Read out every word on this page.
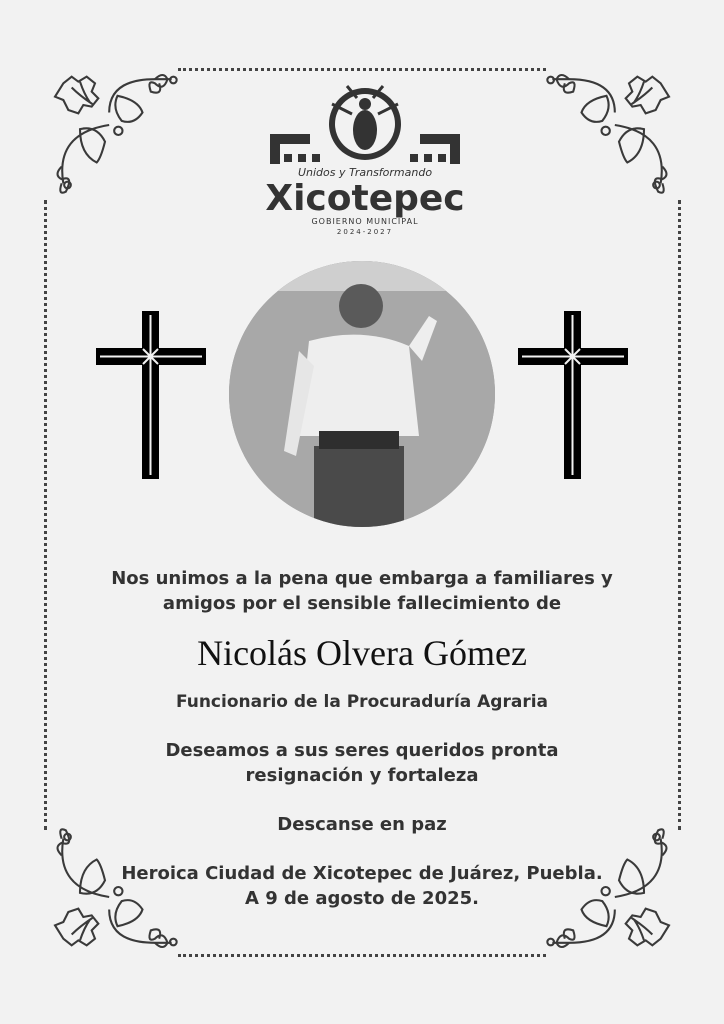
Unidos y Transformando
Xicotepec
GOBIERNO MUNICIPAL
2024-2027
Nos unimos a la pena que embarga a familiares y
amigos por el sensible fallecimiento de
Nicolás Olvera Gómez
Funcionario de la Procuraduría Agraria
Deseamos a sus seres queridos pronta
resignación y fortaleza
Descanse en paz
Heroica Ciudad de Xicotepec de Juárez, Puebla.
A 9 de agosto de 2025.
